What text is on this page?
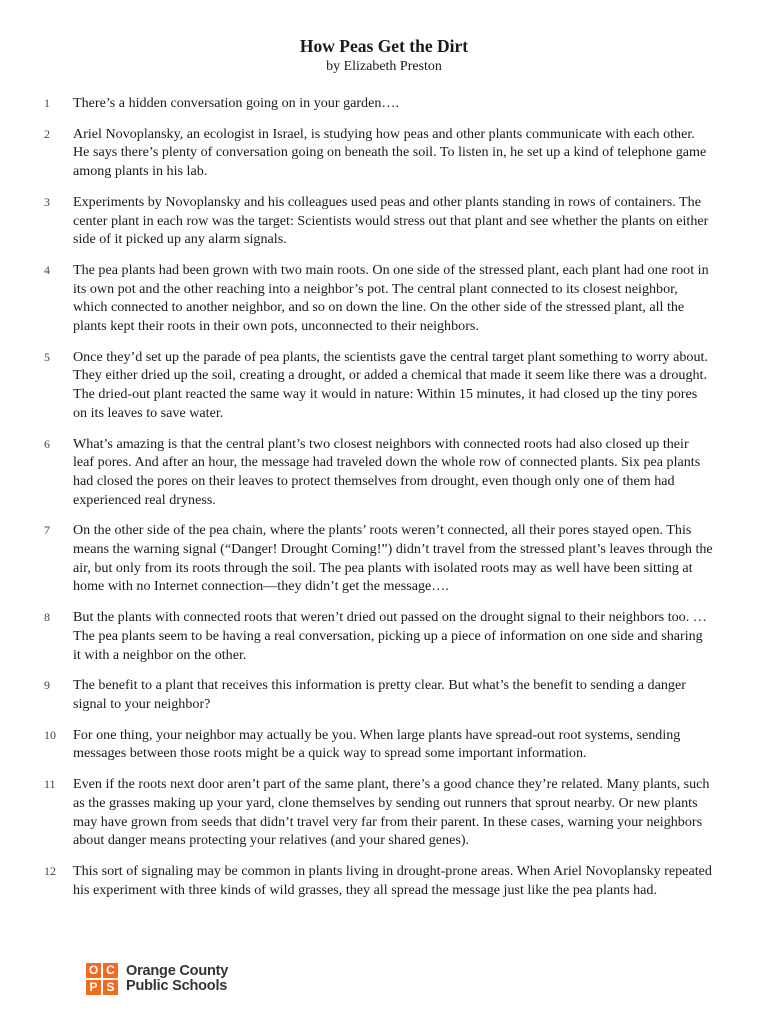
How Peas Get the Dirt
by Elizabeth Preston
1	There’s a hidden conversation going on in your garden….
2	Ariel Novoplansky, an ecologist in Israel, is studying how peas and other plants communicate with each other. He says there’s plenty of conversation going on beneath the soil. To listen in, he set up a kind of telephone game among plants in his lab.
3	Experiments by Novoplansky and his colleagues used peas and other plants standing in rows of containers. The center plant in each row was the target: Scientists would stress out that plant and see whether the plants on either side of it picked up any alarm signals.
4	The pea plants had been grown with two main roots. On one side of the stressed plant, each plant had one root in its own pot and the other reaching into a neighbor’s pot. The central plant connected to its closest neighbor, which connected to another neighbor, and so on down the line. On the other side of the stressed plant, all the plants kept their roots in their own pots, unconnected to their neighbors.
5	Once they’d set up the parade of pea plants, the scientists gave the central target plant something to worry about. They either dried up the soil, creating a drought, or added a chemical that made it seem like there was a drought. The dried-out plant reacted the same way it would in nature: Within 15 minutes, it had closed up the tiny pores on its leaves to save water.
6	What’s amazing is that the central plant’s two closest neighbors with connected roots had also closed up their leaf pores. And after an hour, the message had traveled down the whole row of connected plants. Six pea plants had closed the pores on their leaves to protect themselves from drought, even though only one of them had experienced real dryness.
7	On the other side of the pea chain, where the plants’ roots weren’t connected, all their pores stayed open. This means the warning signal (“Danger! Drought Coming!”) didn’t travel from the stressed plant’s leaves through the air, but only from its roots through the soil. The pea plants with isolated roots may as well have been sitting at home with no Internet connection—they didn’t get the message….
8	But the plants with connected roots that weren’t dried out passed on the drought signal to their neighbors too. … The pea plants seem to be having a real conversation, picking up a piece of information on one side and sharing it with a neighbor on the other.
9	The benefit to a plant that receives this information is pretty clear. But what’s the benefit to sending a danger signal to your neighbor?
10	For one thing, your neighbor may actually be you. When large plants have spread-out root systems, sending messages between those roots might be a quick way to spread some important information.
11	Even if the roots next door aren’t part of the same plant, there’s a good chance they’re related. Many plants, such as the grasses making up your yard, clone themselves by sending out runners that sprout nearby. Or new plants may have grown from seeds that didn’t travel very far from their parent. In these cases, warning your neighbors about danger means protecting your relatives (and your shared genes).
12	This sort of signaling may be common in plants living in drought-prone areas. When Ariel Novoplansky repeated his experiment with three kinds of wild grasses, they all spread the message just like the pea plants had.
O C
P S
Orange County
Public Schools
